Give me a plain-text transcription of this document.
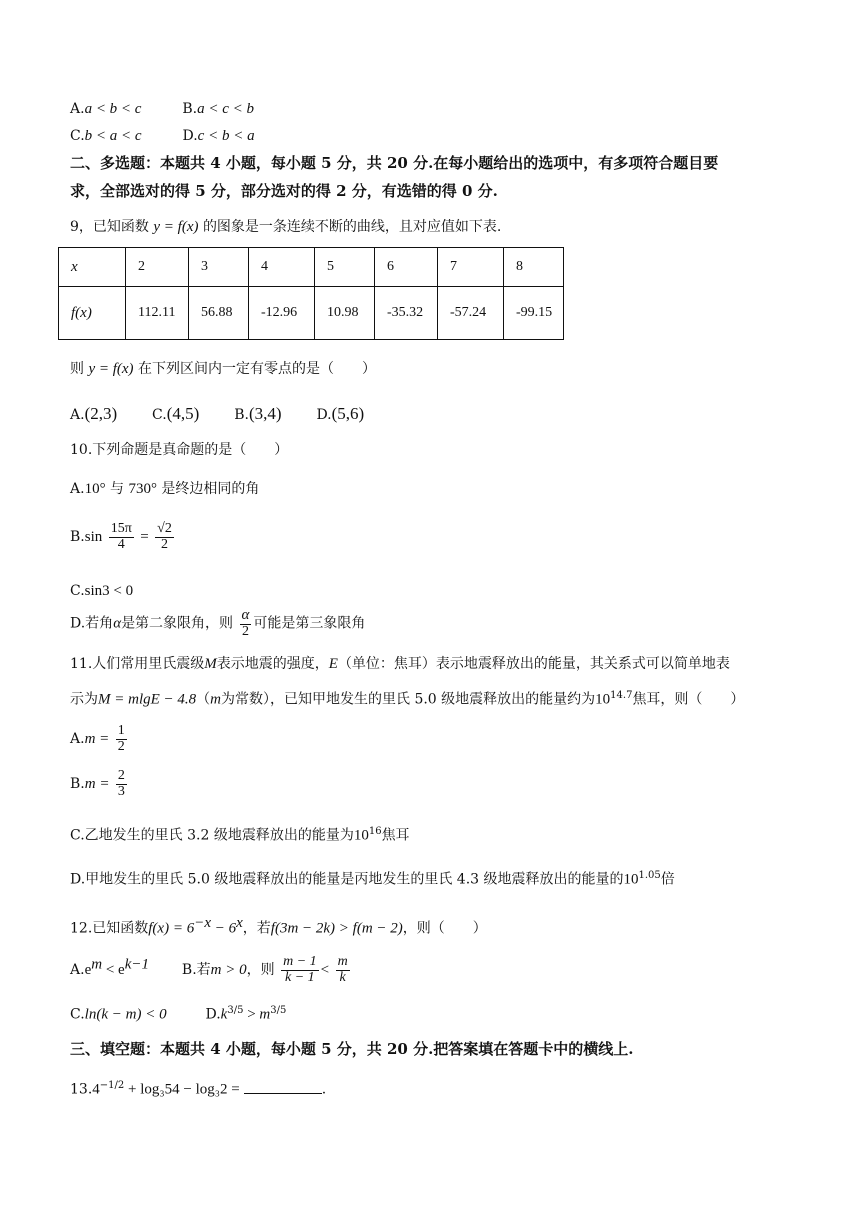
A.a < b < c	B.a < c < b
C.b < a < c	D.c < b < a
二、多选题：本题共 4 小题，每小题 5 分，共 20 分.在每小题给出的选项中，有多项符合题目要
求，全部选对的得 5 分，部分选对的得 2 分，有选错的得 0 分.
9，已知函数 y = f(x) 的图象是一条连续不断的曲线，且对应值如下表.
x	2	3	4	5	6	7	8
f(x)	112.11	56.88	-12.96	10.98	-35.32	-57.24	-99.15
则 y = f(x) 在下列区间内一定有零点的是（　　）
A.(2,3) C.(4,5) B.(3,4) D.(5,6)
10.下列命题是真命题的是（　　）
A.10° 与 730° 是终边相同的角
$B.\sin \frac{15\pi}{4} = \frac{√2}{2}$
C.sin3 < 0
D.若角α是第二象限角，则 $\frac{\alpha}{2}$ 可能是第三象限角
11.人们常用里氏震级M表示地震的强度，E（单位：焦耳）表示地震释放出的能量，其关系式可以简单地表
示为M = mlgE − 4.8（m为常数），已知甲地发生的里氏 5.0 级地震释放出的能量约为$10^{14.7}$焦耳，则（　　）
$A.m = \frac{1}{2}$
$B.m = \frac{2}{3}$
C.乙地发生的里氏 3.2 级地震释放出的能量为$10^{16}$焦耳
D.甲地发生的里氏 5.0 级地震释放出的能量是丙地发生的里氏 4.3 级地震释放出的能量的$10^{1.05}$倍
12.已知函数$f(x) = 6^{-x} - 6^x$，若f(3m − 2k) > f(m − 2)，则（　　）
$A.e^m < e^{k-1}$ B.若m > 0，则 $\frac{m - 1}{k - 1} < \frac{m}{k}$
C.ln(k − m) < 0	$D.k^{3/5} > m^{3/5}$
三、填空题：本题共 4 小题，每小题 5 分，共 20 分.把答案填在答题卡中的横线上.
$13.4^{-1/2} + \log_354 - \log_32$ =	.
